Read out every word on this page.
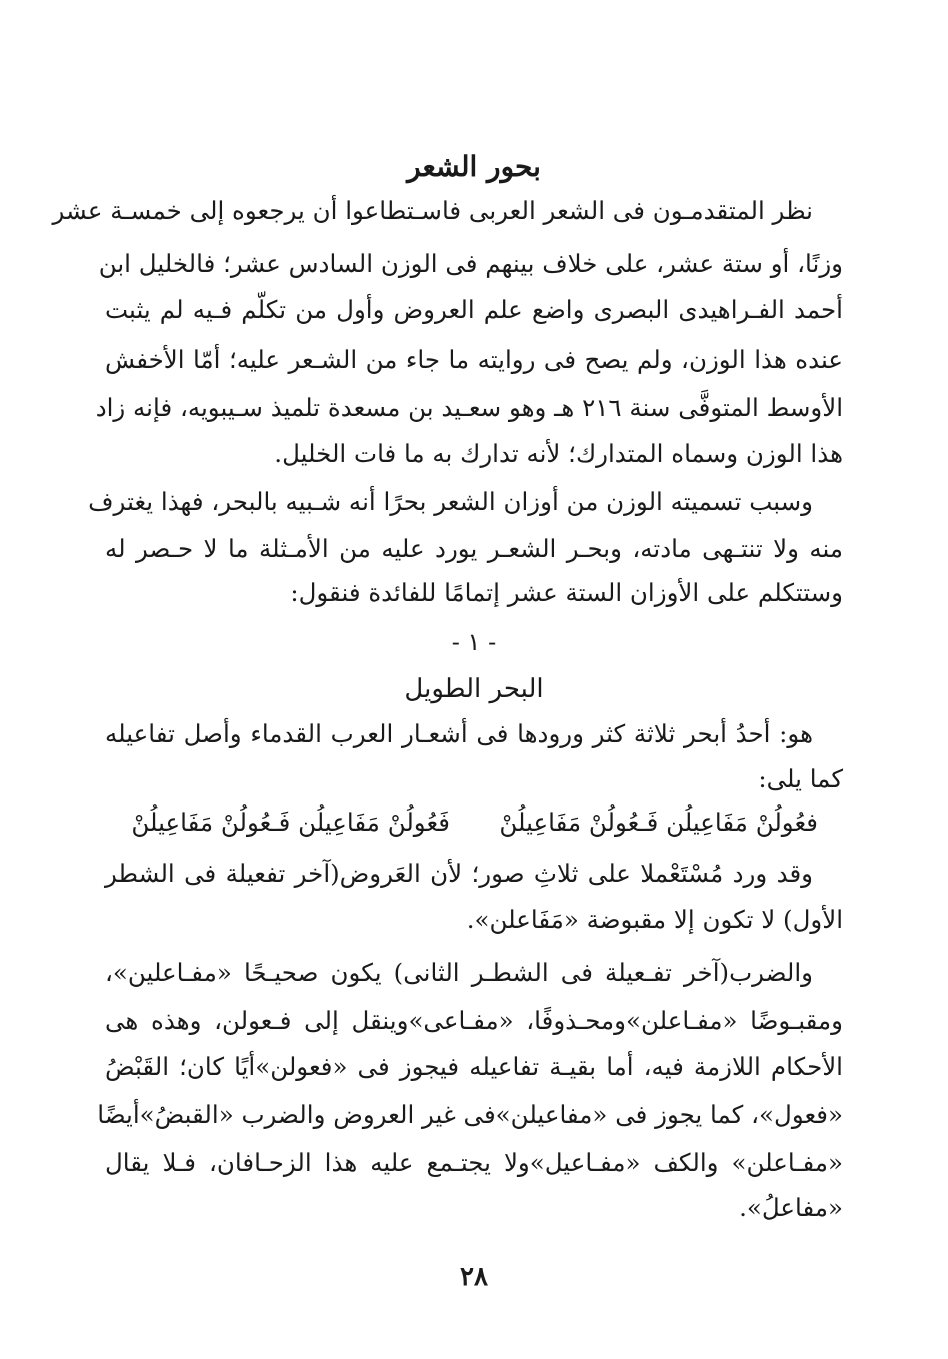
بحور الشعر
نظر المتقدمـون فى الشعر العربى فاسـتطاعوا أن يرجعوه إلى خمسـة عشر
وزنًا، أو ستة عشر، على خلاف بينهم فى الوزن السادس عشر؛ فالخليل ابن
أحمد الفـراهيدى البصرى واضع علم العروض وأول من تكلّم فـيه لم يثبت
عنده هذا الوزن، ولم يصح فى روايته ما جاء من الشـعر عليه؛ أمّا الأخفش
الأوسط المتوفَّى سنة ٢١٦ هـ وهو سعـيد بن مسعدة تلميذ سـيبويه، فإنه زاد
هذا الوزن وسماه المتدارك؛ لأنه تدارك به ما فات الخليل.
وسبب تسميته الوزن من أوزان الشعر بحرًا أنه شـبيه بالبحر، فهذا يغترف
منه ولا تنتـهى مادته، وبحـر الشعـر يورد عليه من الأمـثلة ما لا حـصر له
وستتكلم على الأوزان الستة عشر إتمامًا للفائدة فنقول:
- ١ -
البحر الطويل
هو: أحدُ أبحر ثلاثة كثر ورودها فى أشعـار العرب القدماء وأصل تفاعيله
كما يلى:
فعُولُنْ مَفَاعِيلُن فَـعُولُنْ مَفَاعِيلُنْ
فَعُولُنْ مَفَاعِيلُن فَـعُولُنْ مَفَاعِيلُنْ
وقد ورد مُسْتَعْملا على ثلاثِ صور؛ لأن العَروض(آخر تفعيلة فى الشطر
الأول) لا تكون إلا مقبوضة «مَفَاعلن».
والضرب(آخر تفـعيلة فى الشطـر الثانى) يكون صحيـحًا «مفـاعلين»،
ومقبـوضًا «مفـاعلن»ومحـذوفًا، «مفـاعى»وينقل إلى فـعولن، وهذه هى
الأحكام اللازمة فيه، أما بقيـة تفاعيله فيجوز فى «فعولن»أيًا كان؛ القَبْضُ
«فعول»، كما يجوز فى «مفاعيلن»فى غير العروض والضرب «القبضُ»أيضًا
«مفـاعلن» والكف «مفـاعيل»ولا يجتـمع عليه هذا الزحـافان، فـلا يقال
«مفاعلُ».
٢٨
